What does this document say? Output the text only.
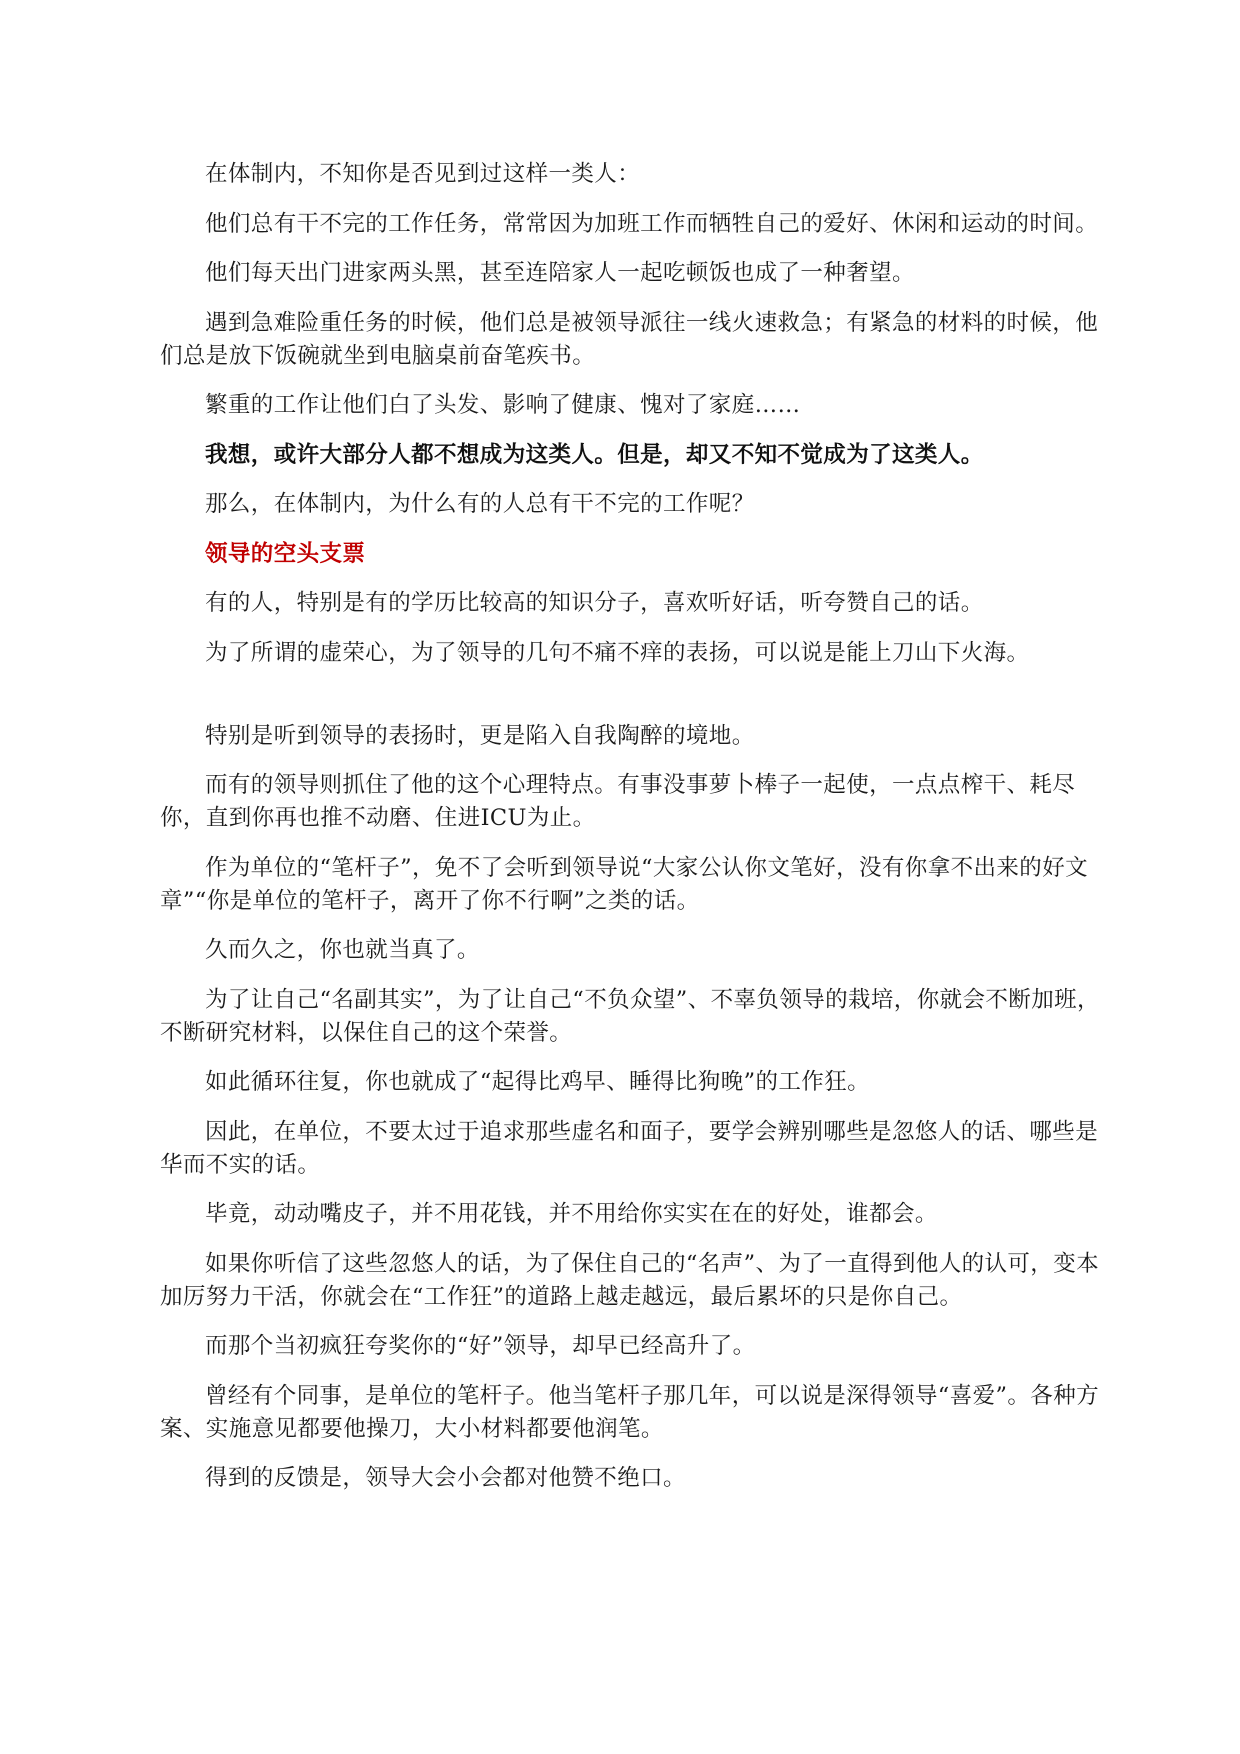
在体制内，不知你是否见到过这样一类人：

他们总有干不完的工作任务，常常因为加班工作而牺牲自己的爱好、休闲和运动的时间。

他们每天出门进家两头黑，甚至连陪家人一起吃顿饭也成了一种奢望。

遇到急难险重任务的时候，他们总是被领导派往一线火速救急；有紧急的材料的时候，他们总是放下饭碗就坐到电脑桌前奋笔疾书。

繁重的工作让他们白了头发、影响了健康、愧对了家庭……

我想，或许大部分人都不想成为这类人。但是，却又不知不觉成为了这类人。

那么，在体制内，为什么有的人总有干不完的工作呢？

领导的空头支票

有的人，特别是有的学历比较高的知识分子，喜欢听好话，听夸赞自己的话。

为了所谓的虚荣心，为了领导的几句不痛不痒的表扬，可以说是能上刀山下火海。

特别是听到领导的表扬时，更是陷入自我陶醉的境地。

而有的领导则抓住了他的这个心理特点。有事没事萝卜棒子一起使，一点点榨干、耗尽你，直到你再也推不动磨、住进ICU为止。

作为单位的“笔杆子”，免不了会听到领导说“大家公认你文笔好，没有你拿不出来的好文章”“你是单位的笔杆子，离开了你不行啊”之类的话。

久而久之，你也就当真了。

为了让自己“名副其实”，为了让自己“不负众望”、不辜负领导的栽培，你就会不断加班，不断研究材料，以保住自己的这个荣誉。

如此循环往复，你也就成了“起得比鸡早、睡得比狗晚”的工作狂。

因此，在单位，不要太过于追求那些虚名和面子，要学会辨别哪些是忽悠人的话、哪些是华而不实的话。

毕竟，动动嘴皮子，并不用花钱，并不用给你实实在在的好处，谁都会。

如果你听信了这些忽悠人的话，为了保住自己的“名声”、为了一直得到他人的认可，变本加厉努力干活，你就会在“工作狂”的道路上越走越远，最后累坏的只是你自己。

而那个当初疯狂夸奖你的“好”领导，却早已经高升了。

曾经有个同事，是单位的笔杆子。他当笔杆子那几年，可以说是深得领导“喜爱”。各种方案、实施意见都要他操刀，大小材料都要他润笔。

得到的反馈是，领导大会小会都对他赞不绝口。
